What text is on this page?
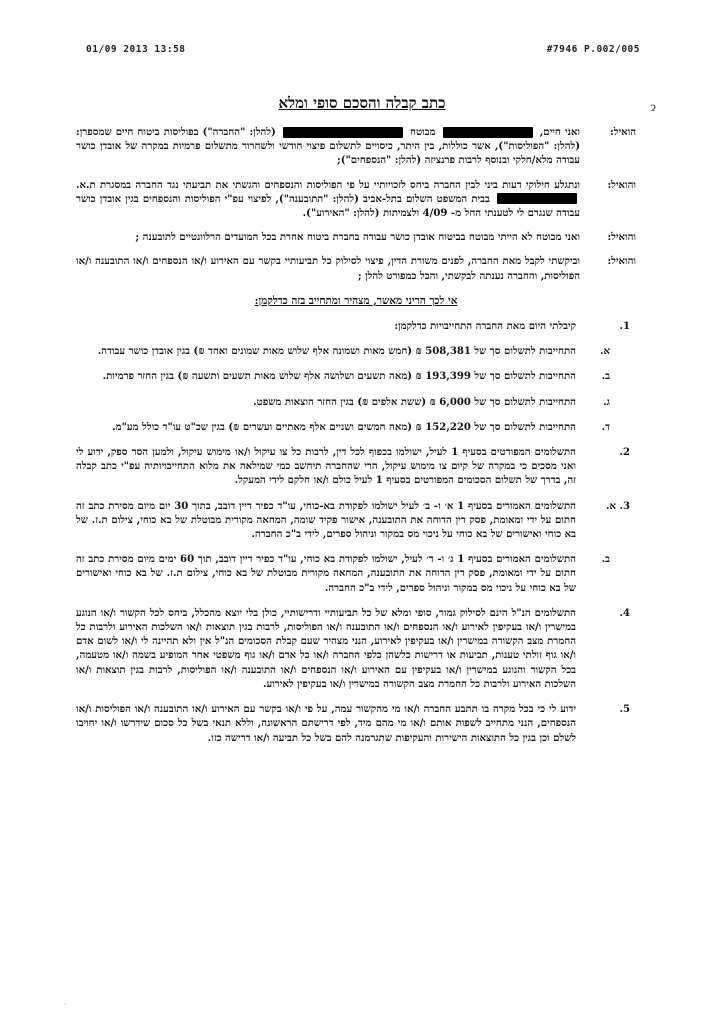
01/09 2013 13:58	#7946 P.002/005
כתב קבלה והסכם סופי ומלא	ɂ
הואיל:
ואני חיים,  מבוטח  (להלן: "החברה") בפוליסות ביטוח חיים שמספרן: (להלן: "הפוליסות"), אשר כוללות, בין היתר, כיסויים לתשלום פיצוי חודשי ולשחרור מתשלום פרמיות במקרה של אובדן כושר עבודה מלא/חלקי ובנוסף לרבות פרנציזה (להלן: "הנספחים");
והואיל:
ונתגלע חילוקי דעות ביני לבין החברה ביחס לזכויותיי על פי הפוליסות והנספחים והגשתי את תביעתי נגד החברה במסגרת ת.א.  בבית המשפט השלום בתל-אביב (להלן: "התובענה"), לפיצוי עפ"י הפוליסות והנספחים בגין אובדן כושר עבודה שנגרם לי לטענתי החל מ- 4/09 ולצמיתות (להלן: "האירוע").
והואיל:
ואני מבוטח לא הייתי מבוטח בביטוח אובדן כושר עבודה בחברת ביטוח אחרת בכל המועדים הרלוונטיים לתובענה ;
והואיל:
וביקשתי לקבל מאת החברה, לפנים משורת הדין, פיצוי לסילוק כל תביעותיי בקשר עם האירוע ו/או הנספחים ו/או התובענה ו/או הפוליסות, והחברה נענתה לבקשתי, והכל כמפורט להלן ;
אי לכך הריני מאשר, מצהיר ומתחייב בזה כדלקמן:
1.
קיבלתי היום מאת החברה התחייבויות כדלקמן:
א.
התחייבות לתשלום סך של 508,381 ₪ (חמש מאות ושמונה אלף שלוש מאות שמונים ואחד ₪) בגין אובדן כושר עבודה.
ב.
התחייבות לתשלום סך של 193,399 ₪ (מאה תשעים ושלושה אלף שלוש מאות תשעים ותשעה ₪) בגין החזר פרמיות.
ג.
התחייבות לתשלום סך של 6,000 ₪ (ששת אלפים ₪) בגין החזר הוצאות משפט.
ד.
התחייבות לתשלום סך של 152,220 ₪ (מאה חמשים ושניים אלף מאתיים ועשרים ₪) בגין שכ"ט עו"ד כולל מע"מ.
2.
התשלומים המפורטים בסעיף 1 לעיל, ישולמו בכפוף לכל דין, לרבות כל צו עיקול ו/או מימוש עיקול, ולמען הסר ספק, ידוע לי ואני מסכים כי במקרה של קיום צו מימוש עיקול, הרי שהחברה תיחשב כמי שמילאה את מלוא התחייבויותיה עפ"י כתב קבלה זה, בדרך של תשלום הסכומים המפורטים בסעיף 1 לעיל כולם ו/או חלקם לידי המעקל.
3. א.
התשלומים האמורים בסעיף 1 א׳ ו- ב׳ לעיל ישולמו לפקודת בא-כוחי, עו"ד כפיר דיין דובב, בתוך 30 יום מיום מסירת כתב זה חתום על ידי ומאומת, פסק דין הדוחה את התובענה, אישור פקיד שומה, המחאה מקורית מבוטלת של בא כוחי, צילום ת.ז. של בא כוחי ואישורים של בא כוחי על ניכוי מס במקור וניהול ספרים, לידי ב"כ החברה.
ב.
התשלומים האמורים בסעיף 1 ג׳ ו- ד׳ לעיל, ישולמו לפקודת בא כוחי, עו"ד כפיר דיין דובב, תוך 60 ימים מיום מסירת כתב זה חתום על ידי ומאומת, פסק דין הדוחה את התובענה, המחאה מקורית מבוטלת של בא כוחי, צילום ת.ז. של בא כוחי ואישורים של בא כוחי על ניכוי מס במקור וניהול ספרים, לידי ב"כ החברה.
4.
התשלומים הנ"ל הינם לסילוק גמור, סופי ומלא של כל תביעותיי ודרישותיי, כולן בלי יוצא מהכלל, ביחס לכל הקשור ו/או הנוגע במישרין ו/או בעקיפין לאירוע ו/או הנספחים ו/או התובענה ו/או הפוליסות, לרבות בגין תוצאות ו/או השלכות האירוע ולרבות כל החמרת מצב הקשורה במישרין ו/או בעקיפין לאירוע, הנני מצהיר שעם קבלת הסכומים הנ"ל אין ולא תהיינה לי ו/או לשום אדם ו/או גוף זולתי טענות, תביעות או דרישות כלשהן כלפי החברה ו/או כל אדם ו/או גוף משפטי אחר המופיע בשמה ו/או מטעמה, בכל הקשור והנוגע במישרין ו/או בעקיפין עם האירוע ו/או הנספחים ו/או התובענה ו/או הפוליסות, לרבות בגין תוצאות ו/או השלכות האירוע ולרבות כל החמרת מצב הקשורה במישרין ו/או בעקיפין לאירוע.
5.
ידוע לי כי בכל מקרה בו תתבע החברה ו/או מי מהקשור עמה, על פי ו/או בקשר עם האירוע ו/או התובענה ו/או הפוליסות ו/או הנספחים, הנני מתחייב לשפות אותם ו/או מי מהם מיד, לפי דרישתם הראשונה, וללא תנאי בשל כל סכום שידרשו ו/או יחויבו לשלם וכן בגין כל התוצאות הישירות והעקיפות שתגרמנה להם בשל כל תביעה ו/או דרישה כזו.
·
